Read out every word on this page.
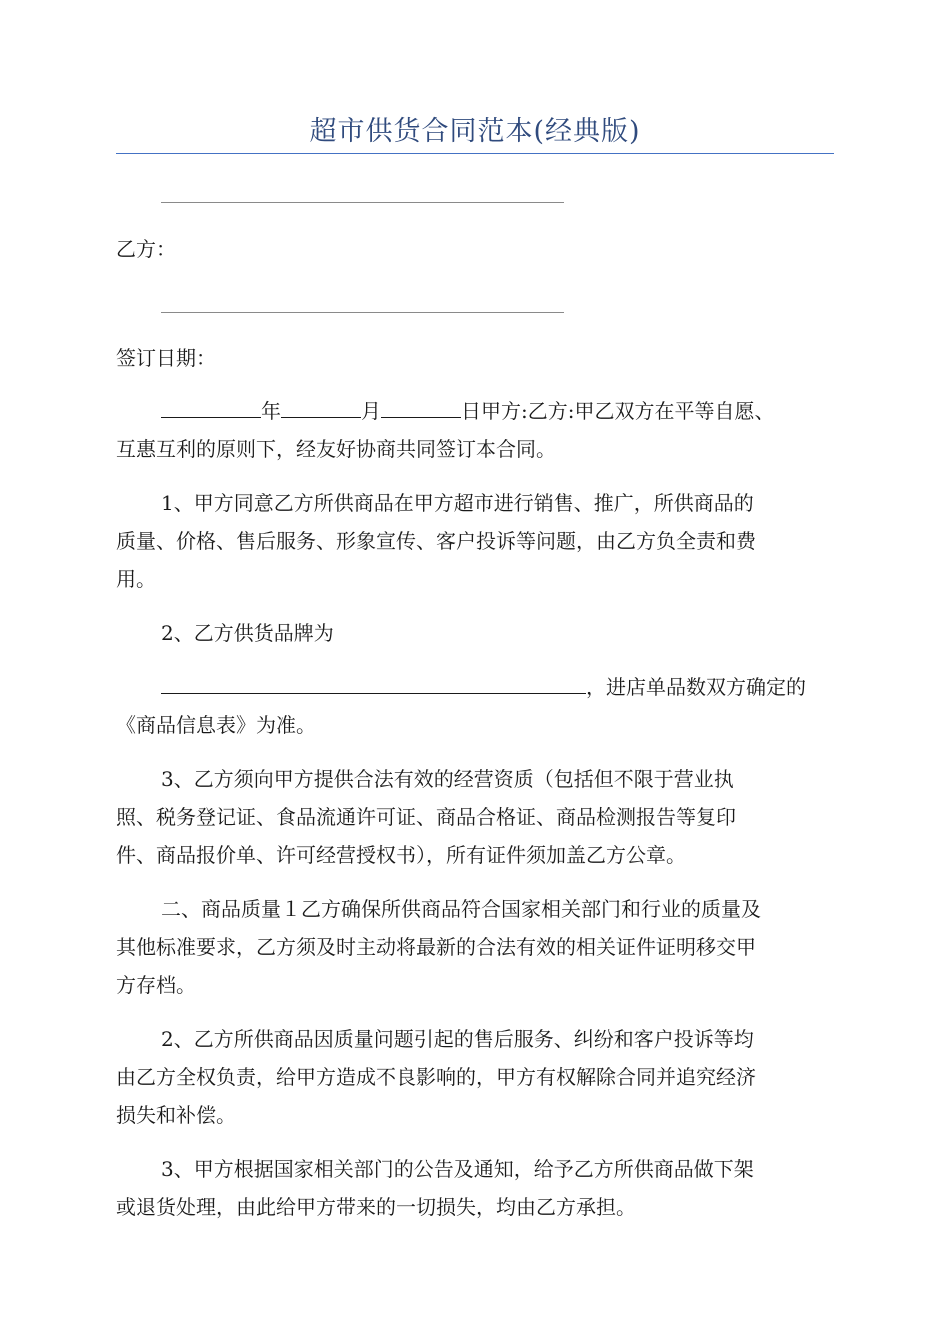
超市供货合同范本(经典版)
乙方：
签订日期：
年	月	日甲方:乙方:甲乙双方在平等自愿、
互惠互利的原则下，经友好协商共同签订本合同。
1、甲方同意乙方所供商品在甲方超市进行销售、推广，所供商品的
质量、价格、售后服务、形象宣传、客户投诉等问题，由乙方负全责和费
用。
2、乙方供货品牌为
，进店单品数双方确定的
《商品信息表》为准。
3、乙方须向甲方提供合法有效的经营资质（包括但不限于营业执
照、税务登记证、食品流通许可证、商品合格证、商品检测报告等复印
件、商品报价单、许可经营授权书），所有证件须加盖乙方公章。
二、商品质量１乙方确保所供商品符合国家相关部门和行业的质量及
其他标准要求，乙方须及时主动将最新的合法有效的相关证件证明移交甲
方存档。
2、乙方所供商品因质量问题引起的售后服务、纠纷和客户投诉等均
由乙方全权负责，给甲方造成不良影响的，甲方有权解除合同并追究经济
损失和补偿。
3、甲方根据国家相关部门的公告及通知，给予乙方所供商品做下架
或退货处理，由此给甲方带来的一切损失，均由乙方承担。
